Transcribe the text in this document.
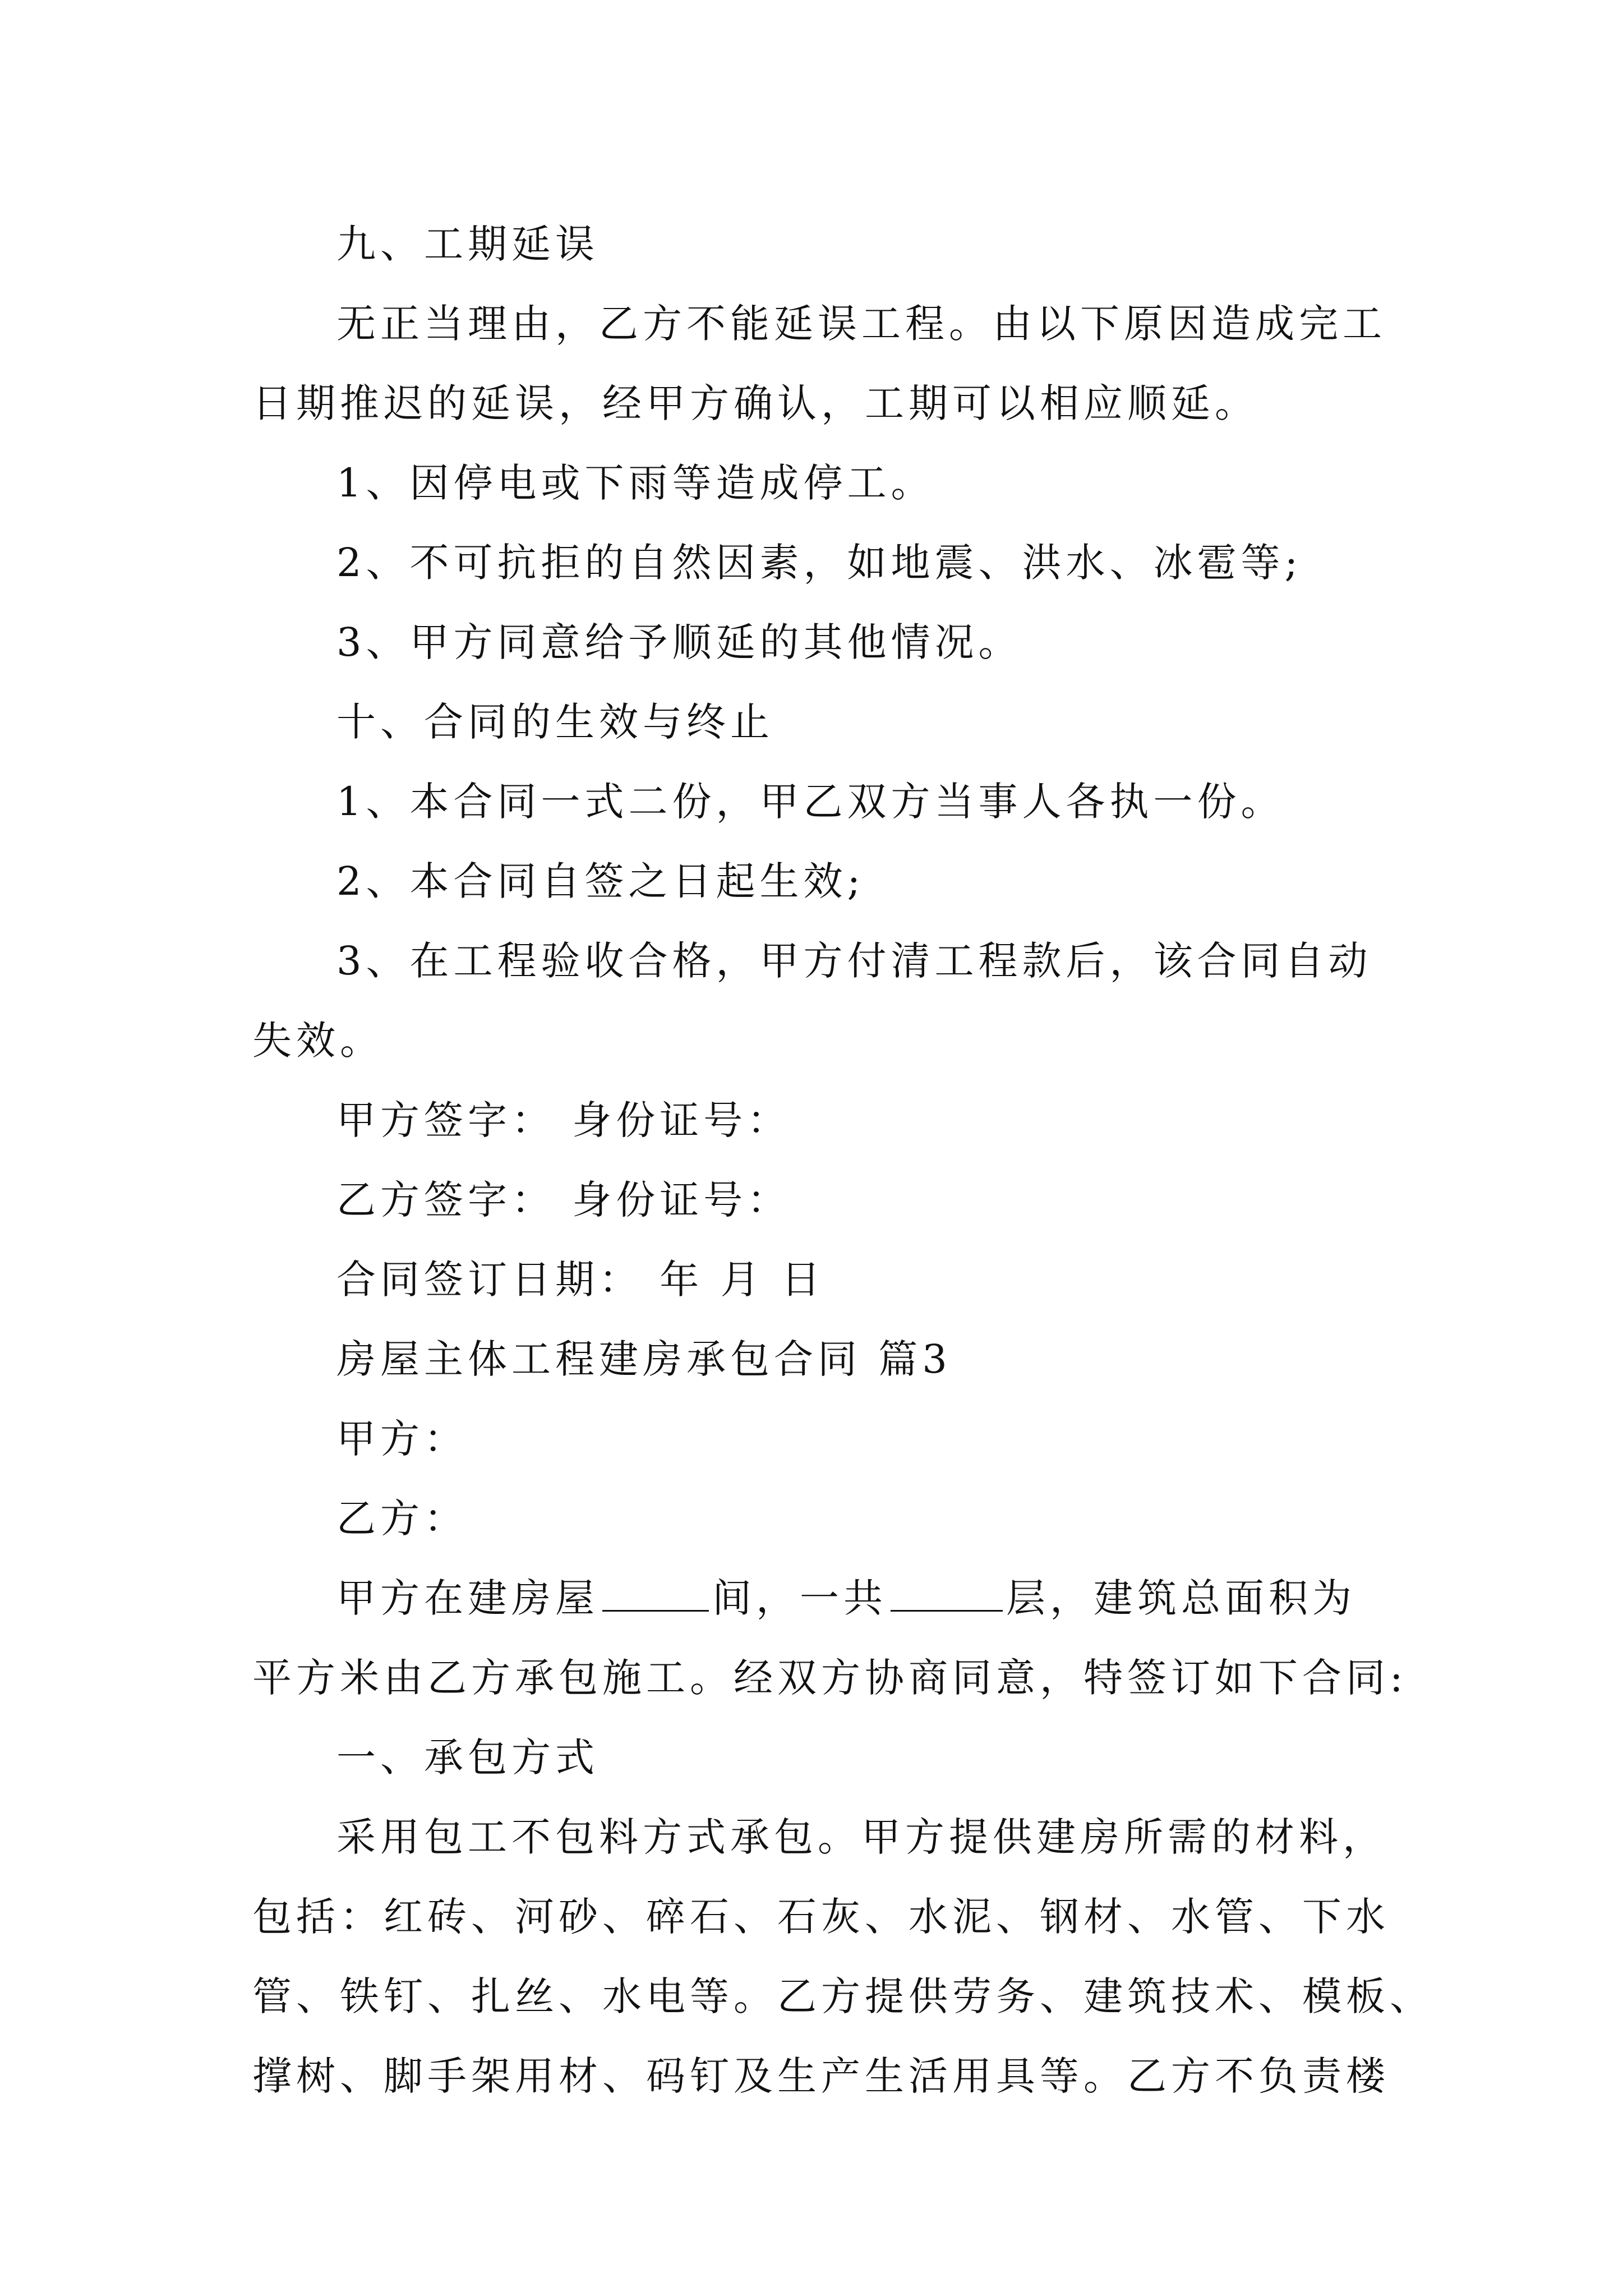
九、工期延误
无正当理由，乙方不能延误工程。由以下原因造成完工
日期推迟的延误，经甲方确认，工期可以相应顺延。
1、因停电或下雨等造成停工。
2、不可抗拒的自然因素，如地震、洪水、冰雹等;
3、甲方同意给予顺延的其他情况。
十、合同的生效与终止
1、本合同一式二份，甲乙双方当事人各执一份。
2、本合同自签之日起生效;
3、在工程验收合格，甲方付清工程款后，该合同自动
失效。
甲方签字： 身份证号：
乙方签字： 身份证号：
合同签订日期： 年 月 日
房屋主体工程建房承包合同 篇3
甲方：
乙方：
甲方在建房屋	间，一共	层，建筑总面积为
平方米由乙方承包施工。经双方协商同意，特签订如下合同:
一、承包方式
采用包工不包料方式承包。甲方提供建房所需的材料，
包括：红砖、河砂、碎石、石灰、水泥、钢材、水管、下水
管、铁钉、扎丝、水电等。乙方提供劳务、建筑技术、模板、
撑树、脚手架用材、码钉及生产生活用具等。乙方不负责楼
